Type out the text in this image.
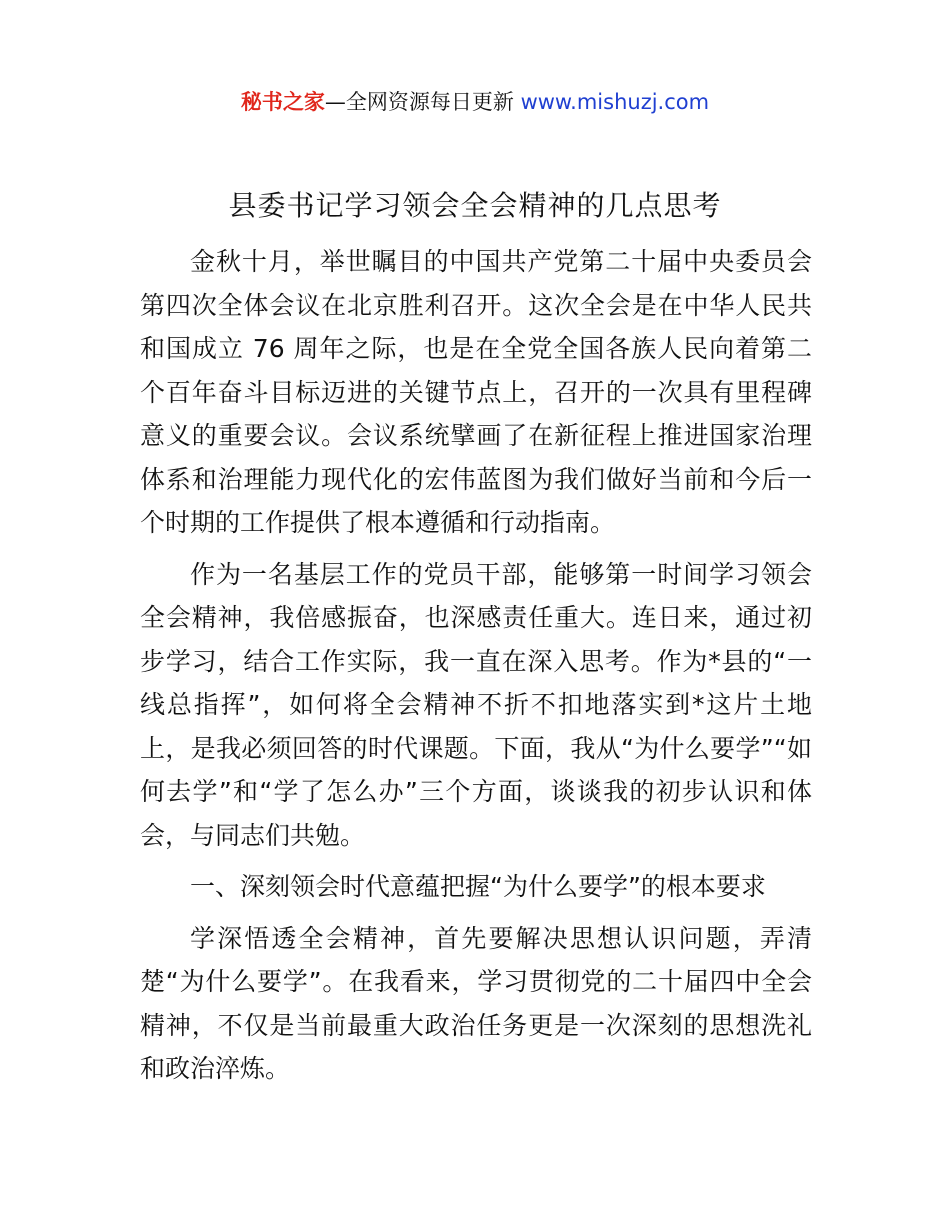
秘书之家—全网资源每日更新 www.mishuzj.com
县委书记学习领会全会精神的几点思考

金秋十月，举世瞩目的中国共产党第二十届中央委员会第四次全体会议在北京胜利召开。这次全会是在中华人民共和国成立 76 周年之际，也是在全党全国各族人民向着第二个百年奋斗目标迈进的关键节点上，召开的一次具有里程碑意义的重要会议。会议系统擘画了在新征程上推进国家治理体系和治理能力现代化的宏伟蓝图为我们做好当前和今后一个时期的工作提供了根本遵循和行动指南。

作为一名基层工作的党员干部，能够第一时间学习领会全会精神，我倍感振奋，也深感责任重大。连日来，通过初步学习，结合工作实际，我一直在深入思考。作为*县的“一线总指挥”，如何将全会精神不折不扣地落实到*这片土地上，是我必须回答的时代课题。下面，我从“为什么要学”“如何去学”和“学了怎么办”三个方面，谈谈我的初步认识和体会，与同志们共勉。

一、深刻领会时代意蕴把握“为什么要学”的根本要求

学深悟透全会精神，首先要解决思想认识问题，弄清楚“为什么要学”。在我看来，学习贯彻党的二十届四中全会精神，不仅是当前最重大政治任务更是一次深刻的思想洗礼和政治淬炼。
